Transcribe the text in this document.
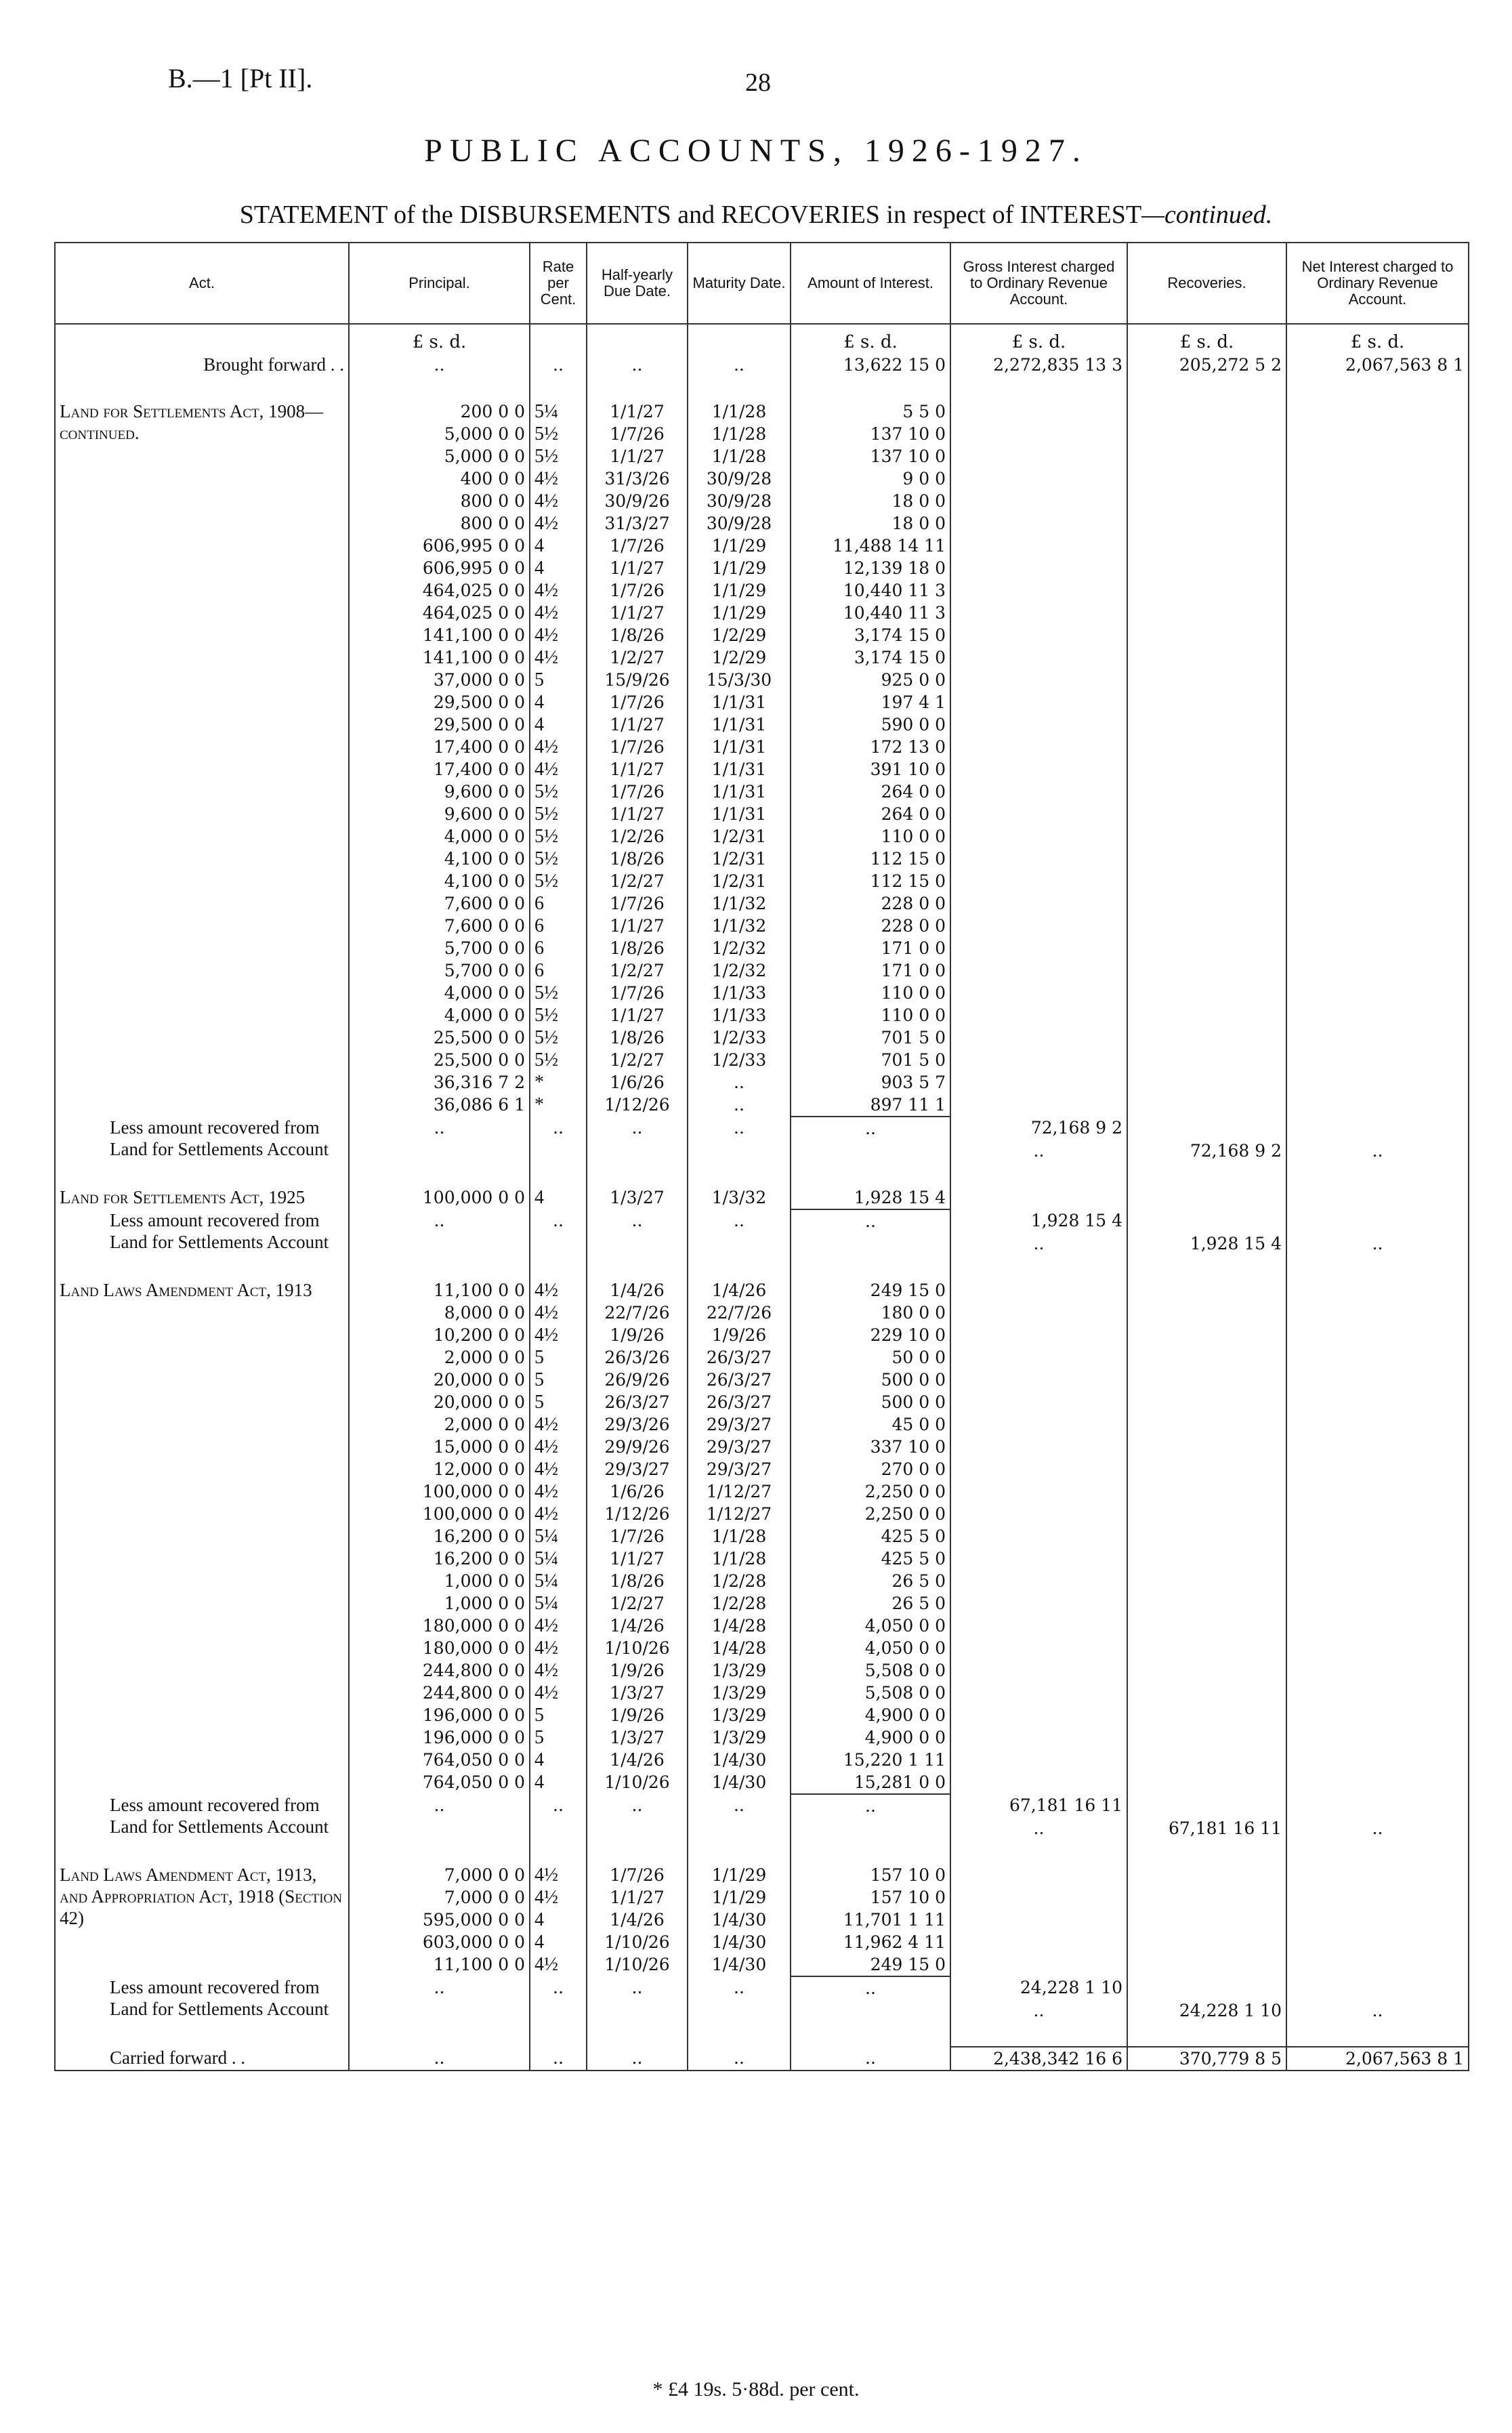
B.—1 [Pt II].	28
PUBLIC ACCOUNTS, 1926-1927.
STATEMENT of the DISBURSEMENTS and RECOVERIES in respect of INTEREST—continued.
Act.	Principal.	Rate per Cent.	Half-yearly Due Date.	Maturity Date.	Amount of Interest.	Gross Interest charged to Ordinary Revenue Account.	Recoveries.	Net Interest charged to Ordinary Revenue Account.
	£ s. d.				£ s. d.	£ s. d.	£ s. d.	£ s. d.
Brought forward . .	..	..	..	..	13,622 15 0	2,272,835 13 3	205,272 5 2	2,067,563 8 1

Land for Settlements Act, 1908—continued.	200 0 0	5¼	1/1/27	1/1/28	5 5 0			
	5,000 0 0	5½	1/7/26	1/1/28	137 10 0			
	5,000 0 0	5½	1/1/27	1/1/28	137 10 0			
	400 0 0	4½	31/3/26	30/9/28	9 0 0			
	800 0 0	4½	30/9/26	30/9/28	18 0 0			
	800 0 0	4½	31/3/27	30/9/28	18 0 0			
	606,995 0 0	4	1/7/26	1/1/29	11,488 14 11			
	606,995 0 0	4	1/1/27	1/1/29	12,139 18 0			
	464,025 0 0	4½	1/7/26	1/1/29	10,440 11 3			
	464,025 0 0	4½	1/1/27	1/1/29	10,440 11 3			
	141,100 0 0	4½	1/8/26	1/2/29	3,174 15 0			
	141,100 0 0	4½	1/2/27	1/2/29	3,174 15 0			
	37,000 0 0	5	15/9/26	15/3/30	925 0 0			
	29,500 0 0	4	1/7/26	1/1/31	197 4 1			
	29,500 0 0	4	1/1/27	1/1/31	590 0 0			
	17,400 0 0	4½	1/7/26	1/1/31	172 13 0			
	17,400 0 0	4½	1/1/27	1/1/31	391 10 0			
	9,600 0 0	5½	1/7/26	1/1/31	264 0 0			
	9,600 0 0	5½	1/1/27	1/1/31	264 0 0			
	4,000 0 0	5½	1/2/26	1/2/31	110 0 0			
	4,100 0 0	5½	1/8/26	1/2/31	112 15 0			
	4,100 0 0	5½	1/2/27	1/2/31	112 15 0			
	7,600 0 0	6	1/7/26	1/1/32	228 0 0			
	7,600 0 0	6	1/1/27	1/1/32	228 0 0			
	5,700 0 0	6	1/8/26	1/2/32	171 0 0			
	5,700 0 0	6	1/2/27	1/2/32	171 0 0			
	4,000 0 0	5½	1/7/26	1/1/33	110 0 0			
	4,000 0 0	5½	1/1/27	1/1/33	110 0 0			
	25,500 0 0	5½	1/8/26	1/2/33	701 5 0			
	25,500 0 0	5½	1/2/27	1/2/33	701 5 0			
	36,316 7 2	*	1/6/26	..	903 5 7			
	36,086 6 1	*	1/12/26	..	897 11 1			
Less amount recovered from Land for Settlements Account	..	..	..	..	..	72,168 9 2		
						..	72,168 9 2	..

Land for Settlements Act, 1925	100,000 0 0	4	1/3/27	1/3/32	1,928 15 4			
Less amount recovered from Land for Settlements Account	..	..	..	..	..	1,928 15 4		
						..	1,928 15 4	..

Land Laws Amendment Act, 1913	11,100 0 0	4½	1/4/26	1/4/26	249 15 0			
	8,000 0 0	4½	22/7/26	22/7/26	180 0 0			
	10,200 0 0	4½	1/9/26	1/9/26	229 10 0			
	2,000 0 0	5	26/3/26	26/3/27	50 0 0			
	20,000 0 0	5	26/9/26	26/3/27	500 0 0			
	20,000 0 0	5	26/3/27	26/3/27	500 0 0			
	2,000 0 0	4½	29/3/26	29/3/27	45 0 0			
	15,000 0 0	4½	29/9/26	29/3/27	337 10 0			
	12,000 0 0	4½	29/3/27	29/3/27	270 0 0			
	100,000 0 0	4½	1/6/26	1/12/27	2,250 0 0			
	100,000 0 0	4½	1/12/26	1/12/27	2,250 0 0			
	16,200 0 0	5¼	1/7/26	1/1/28	425 5 0			
	16,200 0 0	5¼	1/1/27	1/1/28	425 5 0			
	1,000 0 0	5¼	1/8/26	1/2/28	26 5 0			
	1,000 0 0	5¼	1/2/27	1/2/28	26 5 0			
	180,000 0 0	4½	1/4/26	1/4/28	4,050 0 0			
	180,000 0 0	4½	1/10/26	1/4/28	4,050 0 0			
	244,800 0 0	4½	1/9/26	1/3/29	5,508 0 0			
	244,800 0 0	4½	1/3/27	1/3/29	5,508 0 0			
	196,000 0 0	5	1/9/26	1/3/29	4,900 0 0			
	196,000 0 0	5	1/3/27	1/3/29	4,900 0 0			
	764,050 0 0	4	1/4/26	1/4/30	15,220 1 11			
	764,050 0 0	4	1/10/26	1/4/30	15,281 0 0			
Less amount recovered from Land for Settlements Account	..	..	..	..	..	67,181 16 11		
						..	67,181 16 11	..

Land Laws Amendment Act, 1913, and Appropriation Act, 1918 (Section 42)	7,000 0 0	4½	1/7/26	1/1/29	157 10 0			
	7,000 0 0	4½	1/1/27	1/1/29	157 10 0			
	595,000 0 0	4	1/4/26	1/4/30	11,701 1 11			
	603,000 0 0	4	1/10/26	1/4/30	11,962 4 11			
	11,100 0 0	4½	1/10/26	1/4/30	249 15 0			
Less amount recovered from Land for Settlements Account	..	..	..	..	..	24,228 1 10		
						..	24,228 1 10	..

Carried forward . .	..	..	..	..	..	2,438,342 16 6	370,779 8 5	2,067,563 8 1
* £4 19s. 5·88d. per cent.
